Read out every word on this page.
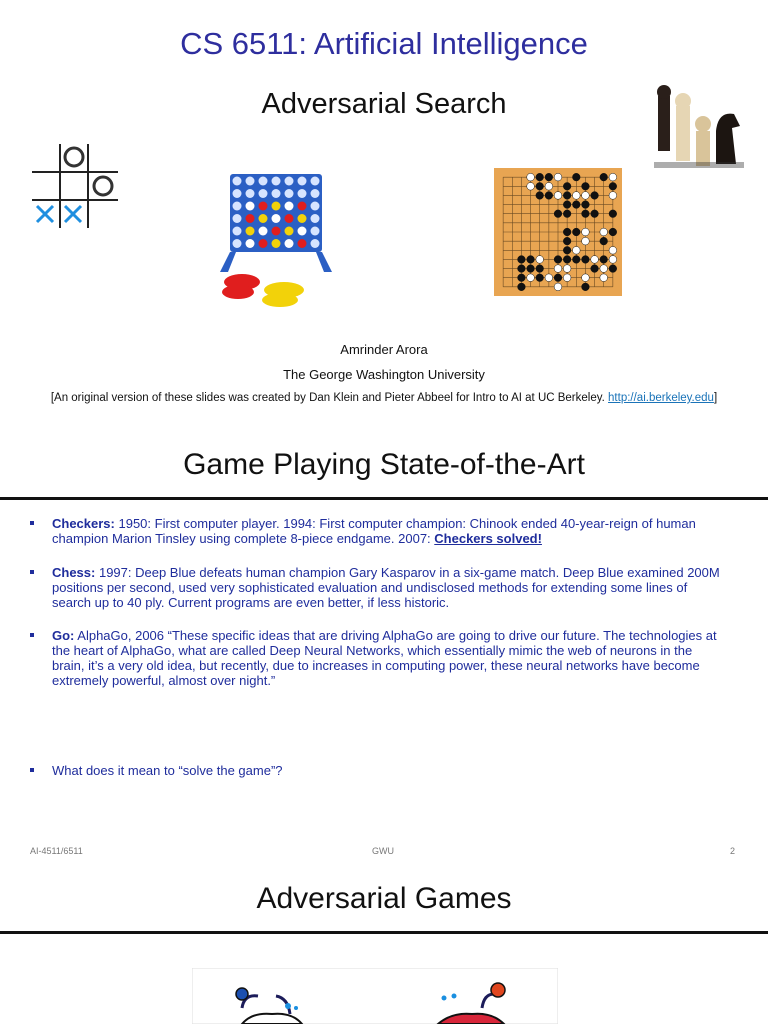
CS 6511: Artificial Intelligence
Adversarial Search
Amrinder Arora
The George Washington University
[An original version of these slides was created by Dan Klein and Pieter Abbeel for Intro to AI at UC Berkeley. http://ai.berkeley.edu]
Game Playing State-of-the-Art
Checkers: 1950: First computer player. 1994: First computer champion: Chinook ended 40-year-reign of human champion Marion Tinsley using complete 8-piece endgame. 2007: Checkers solved!
Chess: 1997: Deep Blue defeats human champion Gary Kasparov in a six-game match. Deep Blue examined 200M positions per second, used very sophisticated evaluation and undisclosed methods for extending some lines of search up to 40 ply. Current programs are even better, if less historic.
Go: AlphaGo, 2006 “These specific ideas that are driving AlphaGo are going to drive our future. The technologies at the heart of AlphaGo, what are called Deep Neural Networks, which essentially mimic the web of neurons in the brain, it’s a very old idea, but recently, due to increases in computing power, these neural networks have become extremely powerful, almost over night.”
What does it mean to “solve the game”?
AI-4511/6511	GWU	2
Adversarial Games
